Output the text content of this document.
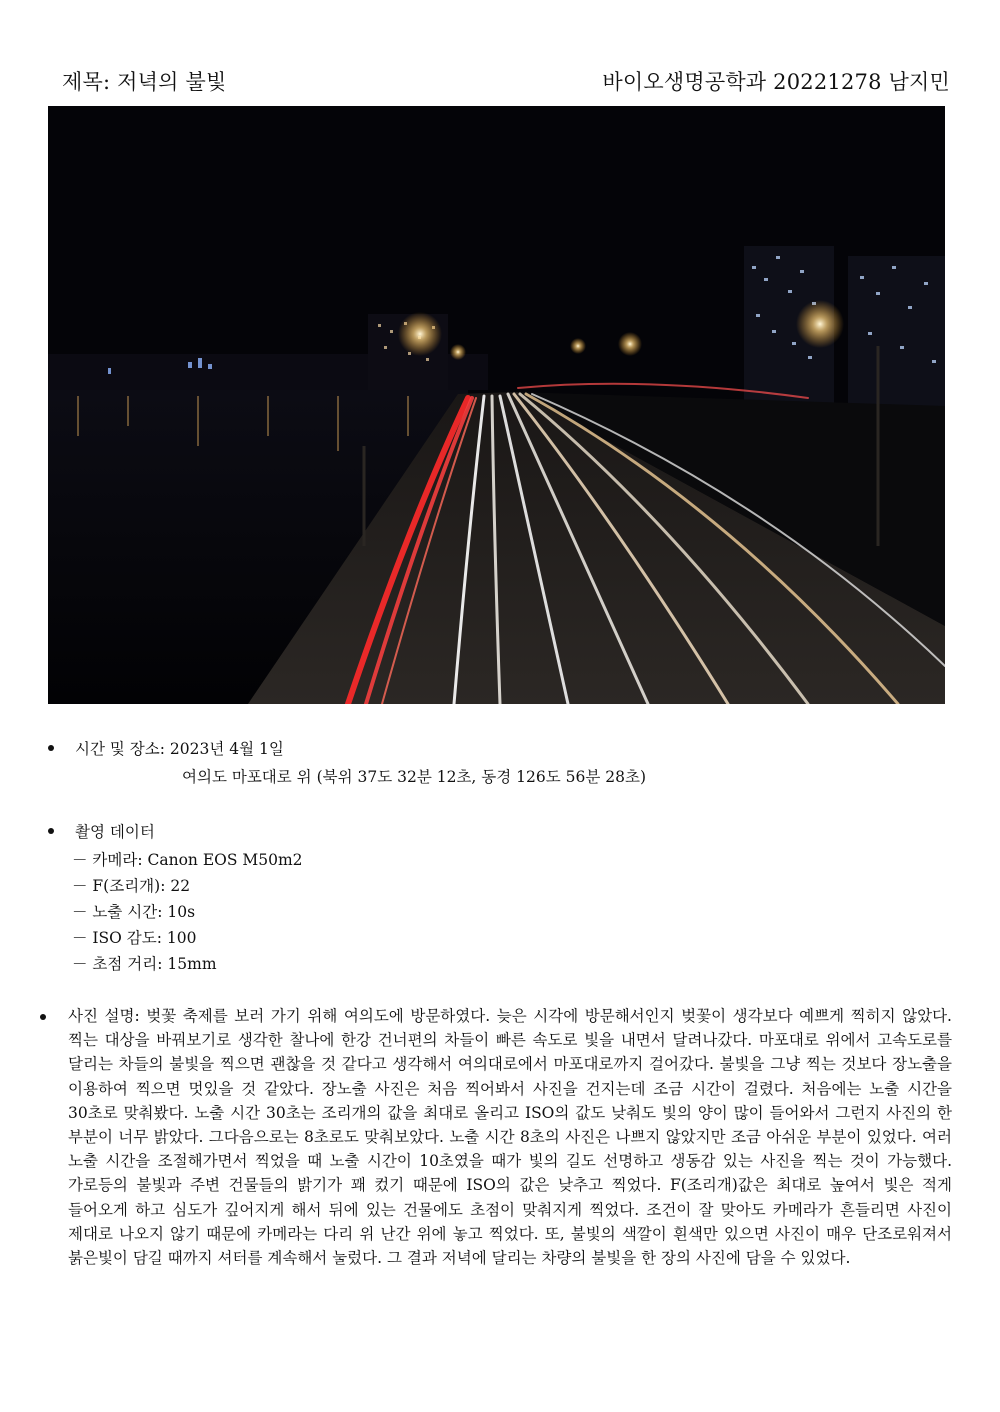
제목: 저녁의 불빛	바이오생명공학과 20221278 남지민
시간 및 장소: 2023년 4월 1일
여의도 마포대로 위 (북위 37도 32분 12초, 동경 126도 56분 28초)
촬영 데이터
－ 카메라: Canon EOS M50m2
－ F(조리개): 22
－ 노출 시간: 10s
－ ISO 감도: 100
－ 초점 거리: 15mm
사진 설명: 벚꽃 축제를 보러 가기 위해 여의도에 방문하였다. 늦은 시각에 방문해서인지 벚꽃이 생각보다 예쁘게 찍히지 않았다. 찍는 대상을 바꿔보기로 생각한 찰나에 한강 건너편의 차들이 빠른 속도로 빛을 내면서 달려나갔다. 마포대로 위에서 고속도로를 달리는 차들의 불빛을 찍으면 괜찮을 것 같다고 생각해서 여의대로에서 마포대로까지 걸어갔다. 불빛을 그냥 찍는 것보다 장노출을 이용하여 찍으면 멋있을 것 같았다. 장노출 사진은 처음 찍어봐서 사진을 건지는데 조금 시간이 걸렸다. 처음에는 노출 시간을 30초로 맞춰봤다. 노출 시간 30초는 조리개의 값을 최대로 올리고 ISO의 값도 낮춰도 빛의 양이 많이 들어와서 그런지 사진의 한 부분이 너무 밝았다. 그다음으로는 8초로도 맞춰보았다. 노출 시간 8초의 사진은 나쁘지 않았지만 조금 아쉬운 부분이 있었다. 여러 노출 시간을 조절해가면서 찍었을 때 노출 시간이 10초였을 때가 빛의 길도 선명하고 생동감 있는 사진을 찍는 것이 가능했다. 가로등의 불빛과 주변 건물들의 밝기가 꽤 컸기 때문에 ISO의 값은 낮추고 찍었다. F(조리개)값은 최대로 높여서 빛은 적게 들어오게 하고 심도가 깊어지게 해서 뒤에 있는 건물에도 초점이 맞춰지게 찍었다. 조건이 잘 맞아도 카메라가 흔들리면 사진이 제대로 나오지 않기 때문에 카메라는 다리 위 난간 위에 놓고 찍었다. 또, 불빛의 색깔이 흰색만 있으면 사진이 매우 단조로워져서 붉은빛이 담길 때까지 셔터를 계속해서 눌렀다. 그 결과 저녁에 달리는 차량의 불빛을 한 장의 사진에 담을 수 있었다.
